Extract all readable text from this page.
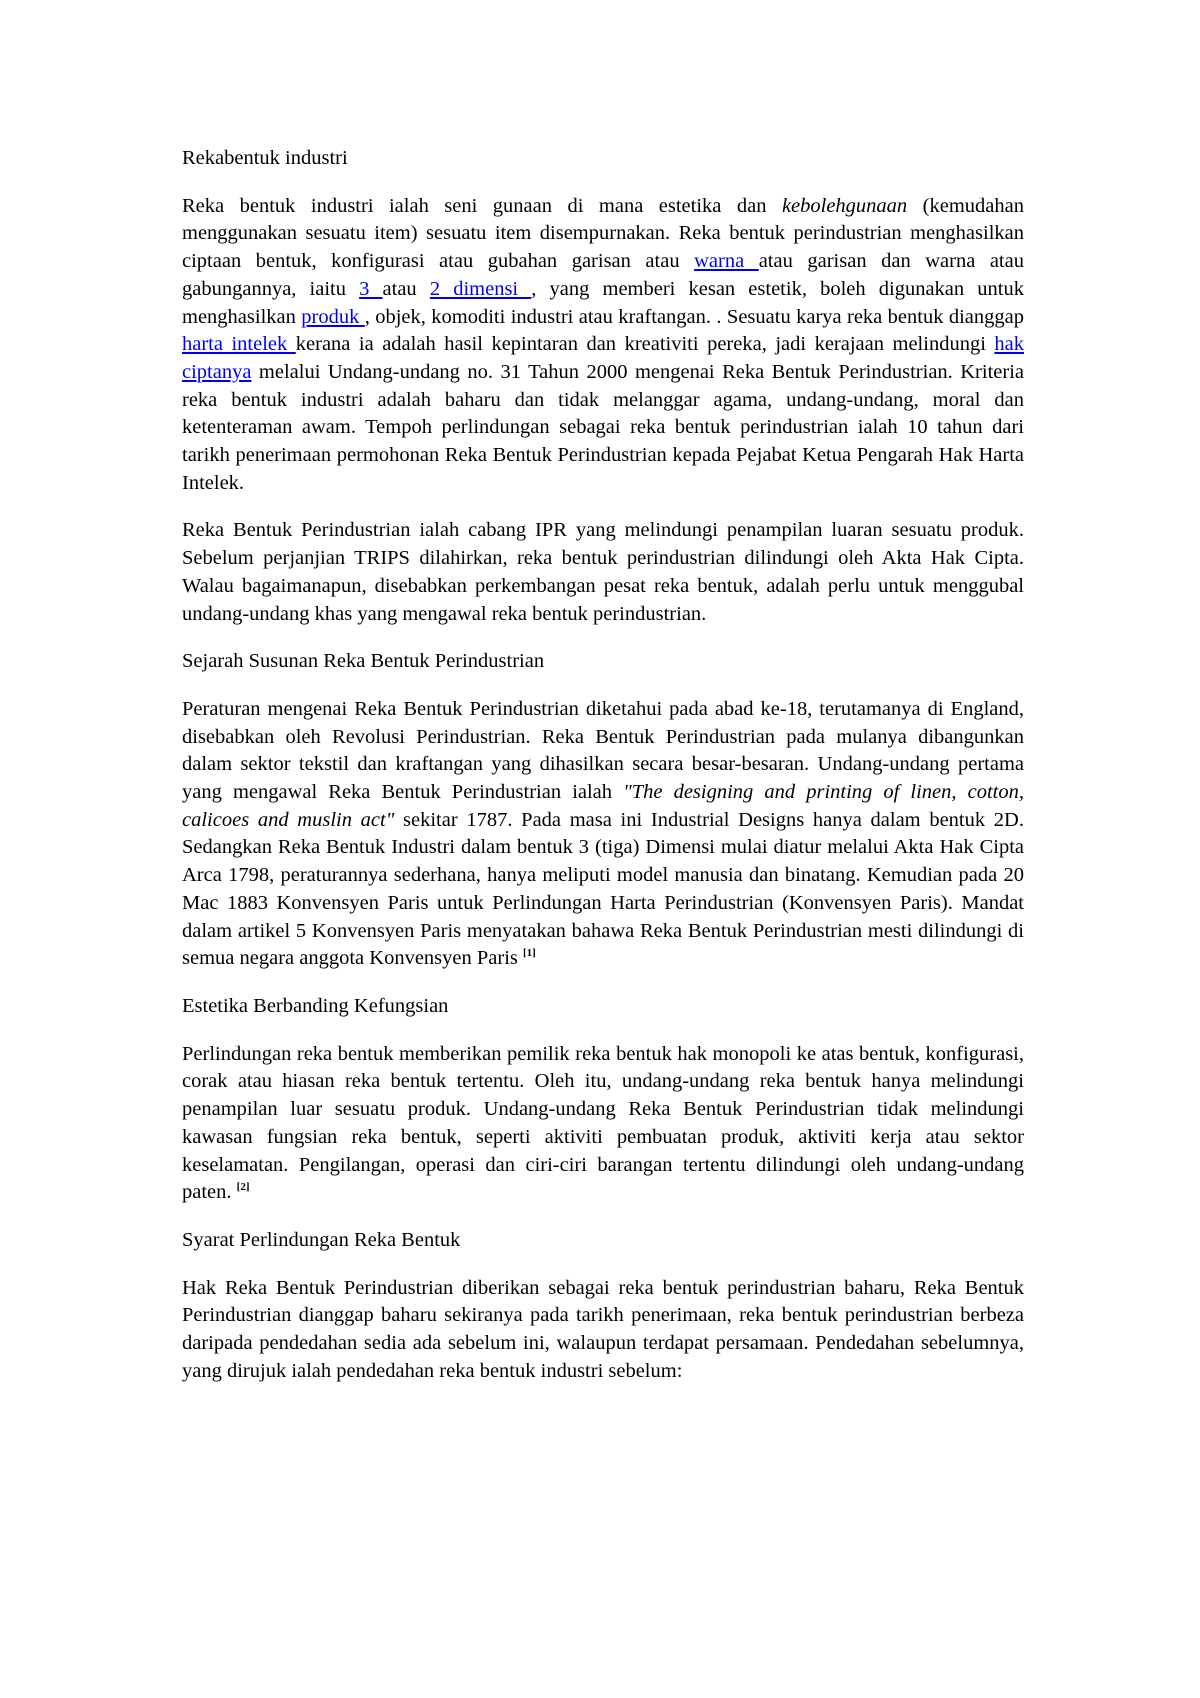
Rekabentuk industri

Reka bentuk industri ialah seni gunaan di mana estetika dan kebolehgunaan (kemudahan menggunakan sesuatu item) sesuatu item disempurnakan. Reka bentuk perindustrian menghasilkan ciptaan bentuk, konfigurasi atau gubahan garisan atau warna atau garisan dan warna atau gabungannya, iaitu 3 atau 2 dimensi , yang memberi kesan estetik, boleh digunakan untuk menghasilkan produk , objek, komoditi industri atau kraftangan. . Sesuatu karya reka bentuk dianggap harta intelek kerana ia adalah hasil kepintaran dan kreativiti pereka, jadi kerajaan melindungi hak ciptanya melalui Undang-undang no. 31 Tahun 2000 mengenai Reka Bentuk Perindustrian. Kriteria reka bentuk industri adalah baharu dan tidak melanggar agama, undang-undang, moral dan ketenteraman awam. Tempoh perlindungan sebagai reka bentuk perindustrian ialah 10 tahun dari tarikh penerimaan permohonan Reka Bentuk Perindustrian kepada Pejabat Ketua Pengarah Hak Harta Intelek.

Reka Bentuk Perindustrian ialah cabang IPR yang melindungi penampilan luaran sesuatu produk. Sebelum perjanjian TRIPS dilahirkan, reka bentuk perindustrian dilindungi oleh Akta Hak Cipta. Walau bagaimanapun, disebabkan perkembangan pesat reka bentuk, adalah perlu untuk menggubal undang-undang khas yang mengawal reka bentuk perindustrian.

Sejarah Susunan Reka Bentuk Perindustrian

Peraturan mengenai Reka Bentuk Perindustrian diketahui pada abad ke-18, terutamanya di England, disebabkan oleh Revolusi Perindustrian. Reka Bentuk Perindustrian pada mulanya dibangunkan dalam sektor tekstil dan kraftangan yang dihasilkan secara besar-besaran. Undang-undang pertama yang mengawal Reka Bentuk Perindustrian ialah "The designing and printing of linen, cotton, calicoes and muslin act" sekitar 1787. Pada masa ini Industrial Designs hanya dalam bentuk 2D. Sedangkan Reka Bentuk Industri dalam bentuk 3 (tiga) Dimensi mulai diatur melalui Akta Hak Cipta Arca 1798, peraturannya sederhana, hanya meliputi model manusia dan binatang. Kemudian pada 20 Mac 1883 Konvensyen Paris untuk Perlindungan Harta Perindustrian (Konvensyen Paris). Mandat dalam artikel 5 Konvensyen Paris menyatakan bahawa Reka Bentuk Perindustrian mesti dilindungi di semua negara anggota Konvensyen Paris [1]

Estetika Berbanding Kefungsian

Perlindungan reka bentuk memberikan pemilik reka bentuk hak monopoli ke atas bentuk, konfigurasi, corak atau hiasan reka bentuk tertentu. Oleh itu, undang-undang reka bentuk hanya melindungi penampilan luar sesuatu produk. Undang-undang Reka Bentuk Perindustrian tidak melindungi kawasan fungsian reka bentuk, seperti aktiviti pembuatan produk, aktiviti kerja atau sektor keselamatan. Pengilangan, operasi dan ciri-ciri barangan tertentu dilindungi oleh undang-undang paten. [2]

Syarat Perlindungan Reka Bentuk

Hak Reka Bentuk Perindustrian diberikan sebagai reka bentuk perindustrian baharu, Reka Bentuk Perindustrian dianggap baharu sekiranya pada tarikh penerimaan, reka bentuk perindustrian berbeza daripada pendedahan sedia ada sebelum ini, walaupun terdapat persamaan. Pendedahan sebelumnya, yang dirujuk ialah pendedahan reka bentuk industri sebelum:
